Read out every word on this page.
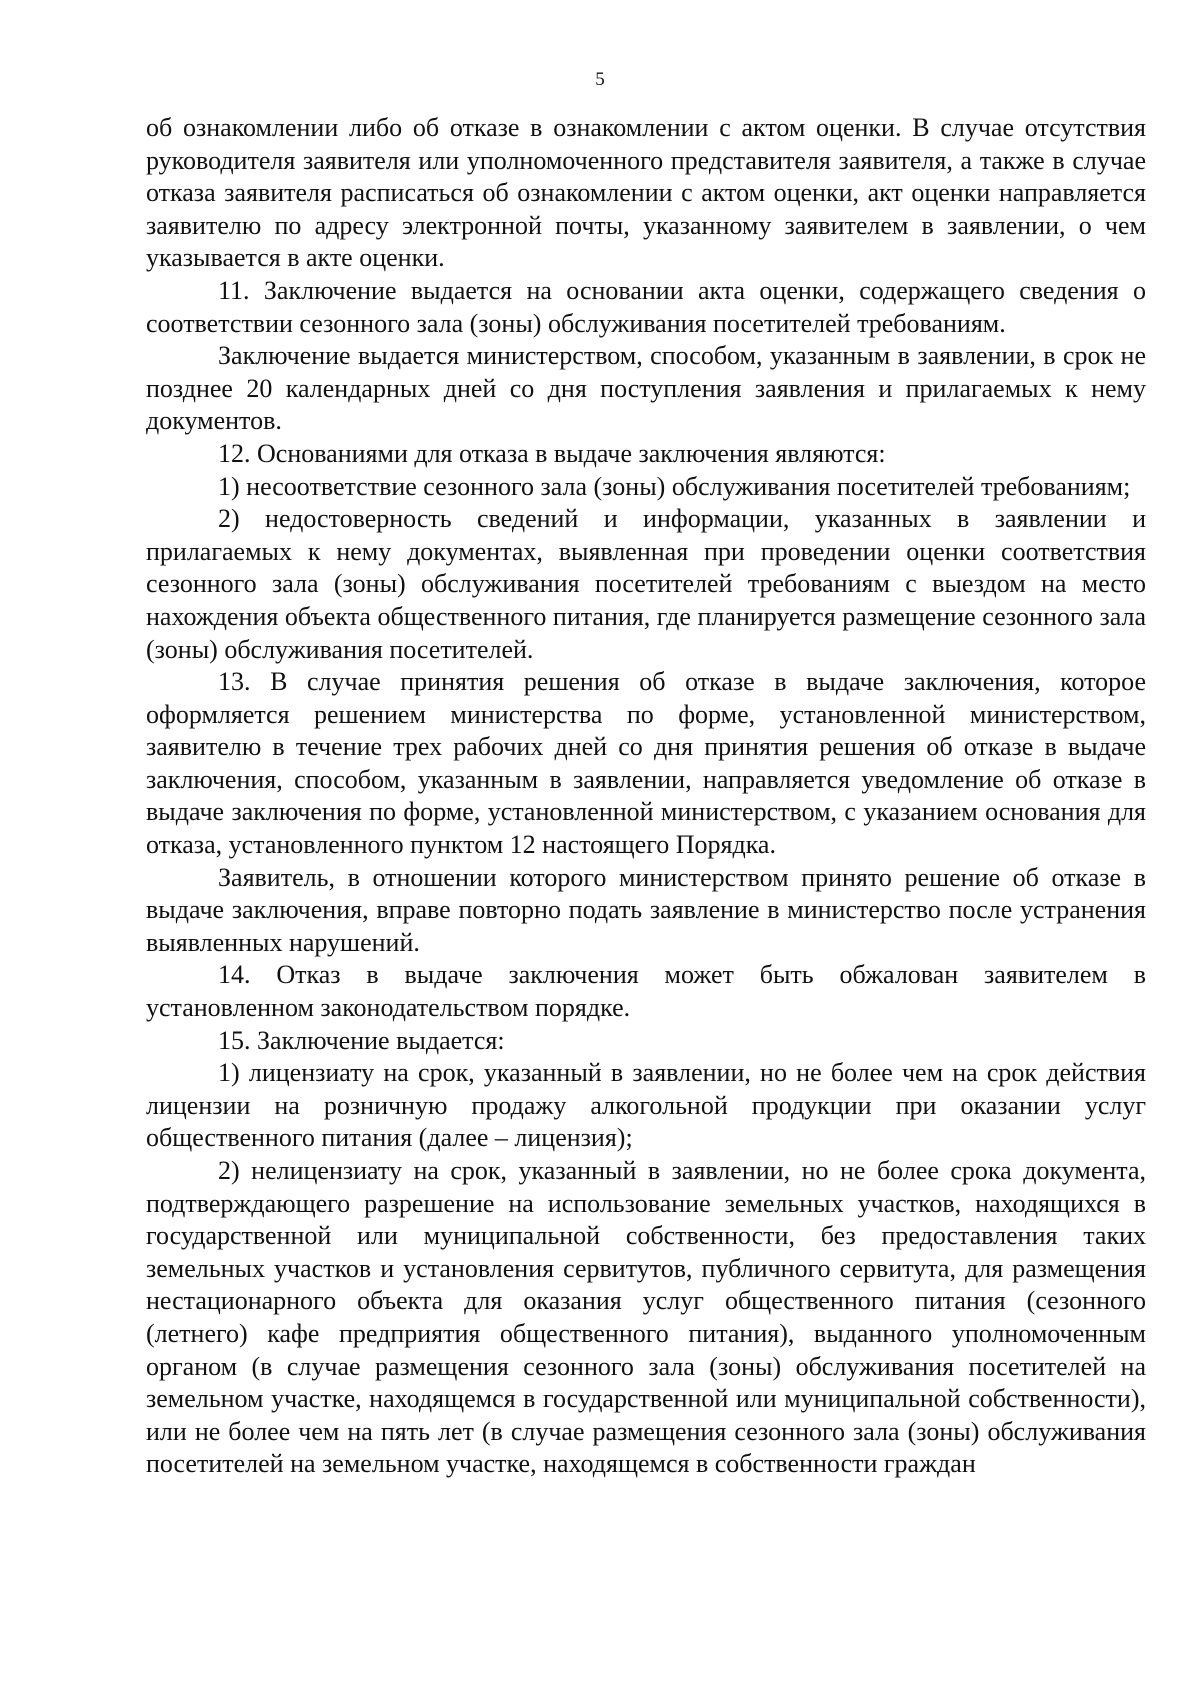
5

об ознакомлении либо об отказе в ознакомлении с актом оценки. В случае отсутствия руководителя заявителя или уполномоченного представителя заявителя, а также в случае отказа заявителя расписаться об ознакомлении с актом оценки, акт оценки направляется заявителю по адресу электронной почты, указанному заявителем в заявлении, о чем указывается в акте оценки.

11. Заключение выдается на основании акта оценки, содержащего сведения о соответствии сезонного зала (зоны) обслуживания посетителей требованиям.

Заключение выдается министерством, способом, указанным в заявлении, в срок не позднее 20 календарных дней со дня поступления заявления и прилагаемых к нему документов.

12. Основаниями для отказа в выдаче заключения являются:

1) несоответствие сезонного зала (зоны) обслуживания посетителей требованиям;

2) недостоверность сведений и информации, указанных в заявлении и прилагаемых к нему документах, выявленная при проведении оценки соответствия сезонного зала (зоны) обслуживания посетителей требованиям с выездом на место нахождения объекта общественного питания, где планируется размещение сезонного зала (зоны) обслуживания посетителей.

13. В случае принятия решения об отказе в выдаче заключения, которое оформляется решением министерства по форме, установленной министерством, заявителю в течение трех рабочих дней со дня принятия решения об отказе в выдаче заключения, способом, указанным в заявлении, направляется уведомление об отказе в выдаче заключения по форме, установленной министерством, с указанием основания для отказа, установленного пунктом 12 настоящего Порядка.

Заявитель, в отношении которого министерством принято решение об отказе в выдаче заключения, вправе повторно подать заявление в министерство после устранения выявленных нарушений.

14. Отказ в выдаче заключения может быть обжалован заявителем в установленном законодательством порядке.

15. Заключение выдается:

1) лицензиату на срок, указанный в заявлении, но не более чем на срок действия лицензии на розничную продажу алкогольной продукции при оказании услуг общественного питания (далее – лицензия);

2) нелицензиату на срок, указанный в заявлении, но не более срока документа, подтверждающего разрешение на использование земельных участков, находящихся в государственной или муниципальной собственности, без предоставления таких земельных участков и установления сервитутов, публичного сервитута, для размещения нестационарного объекта для оказания услуг общественного питания (сезонного (летнего) кафе предприятия общественного питания), выданного уполномоченным органом (в случае размещения сезонного зала (зоны) обслуживания посетителей на земельном участке, находящемся в государственной или муниципальной собственности), или не более чем на пять лет (в случае размещения сезонного зала (зоны) обслуживания посетителей на земельном участке, находящемся в собственности граждан
